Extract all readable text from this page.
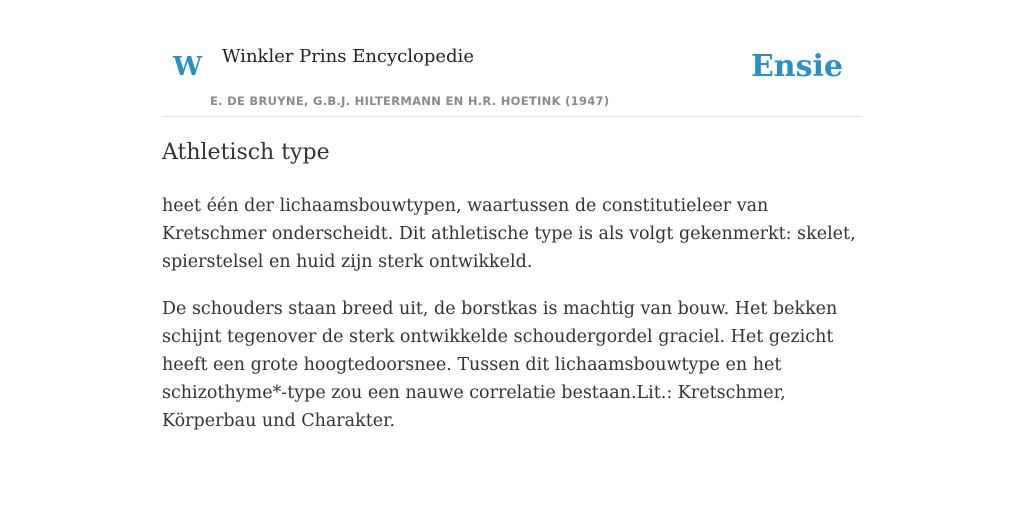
W Winkler Prins Encyclopedie
E. DE BRUYNE, G.B.J. HILTERMANN EN H.R. HOETINK (1947)
Ensie
Athletisch type

heet één der lichaamsbouwtypen, waartussen de constitutieleer van Kretschmer onderscheidt. Dit athletische type is als volgt gekenmerkt: skelet, spierstelsel en huid zijn sterk ontwikkeld.

De schouders staan breed uit, de borstkas is machtig van bouw. Het bekken schijnt tegenover de sterk ontwikkelde schoudergordel graciel. Het gezicht heeft een grote hoogtedoorsnee. Tussen dit lichaamsbouwtype en het schizothyme*-type zou een nauwe correlatie bestaan.Lit.: Kretschmer, Körperbau und Charakter.
